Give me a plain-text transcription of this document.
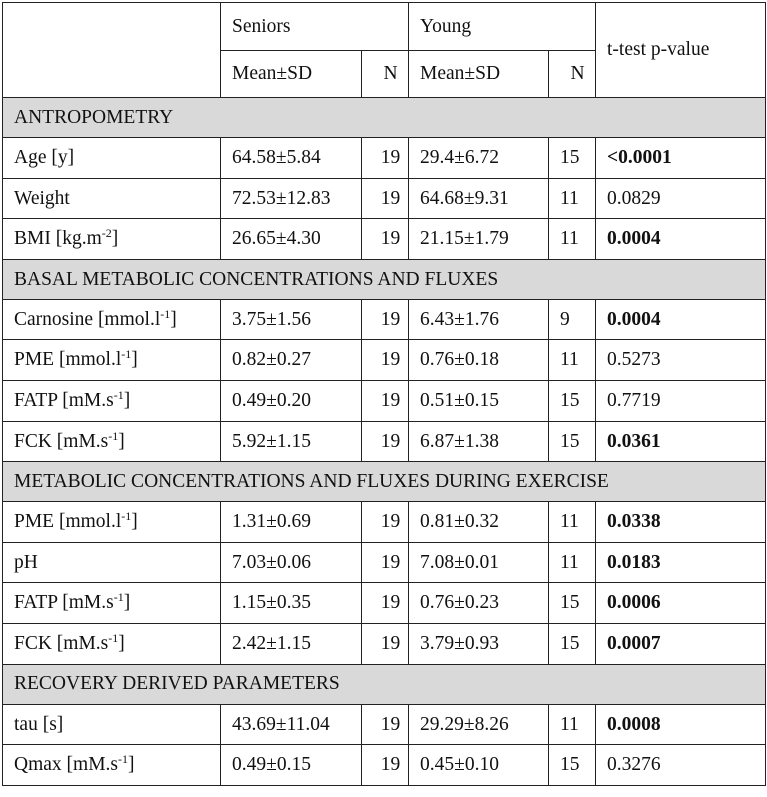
	Seniors		Young		t-test p-value
	Mean±SD	N	Mean±SD	N	
ANTROPOMETRY					
Age [y]	64.58±5.84	19	29.4±6.72	15	<0.0001
Weight	72.53±12.83	19	64.68±9.31	11	0.0829
BMI $[kg.m^{-2}]$	26.65±4.30	19	21.15±1.79	11	0.0004
BASAL METABOLIC CONCENTRATIONS AND FLUXES					
Carnosine $[mmol.l^{-1}]$	3.75±1.56	19	6.43±1.76	9	0.0004
PME $[mmol.l^{-1}]$	0.82±0.27	19	0.76±0.18	11	0.5273
FATP $[mM.s^{-1}]$	0.49±0.20	19	0.51±0.15	15	0.7719
FCK $[mM.s^{-1}]$	5.92±1.15	19	6.87±1.38	15	0.0361
METABOLIC CONCENTRATIONS AND FLUXES DURING EXERCISE					
PME $[mmol.l^{-1}]$	1.31±0.69	19	0.81±0.32	11	0.0338
pH	7.03±0.06	19	7.08±0.01	11	0.0183
FATP $[mM.s^{-1}]$	1.15±0.35	19	0.76±0.23	15	0.0006
FCK $[mM.s^{-1}]$	2.42±1.15	19	3.79±0.93	15	0.0007
RECOVERY DERIVED PARAMETERS					
tau [s]	43.69±11.04	19	29.29±8.26	11	0.0008
Qmax $[mM.s^{-1}]$	0.49±0.15	19	0.45±0.10	15	0.3276
